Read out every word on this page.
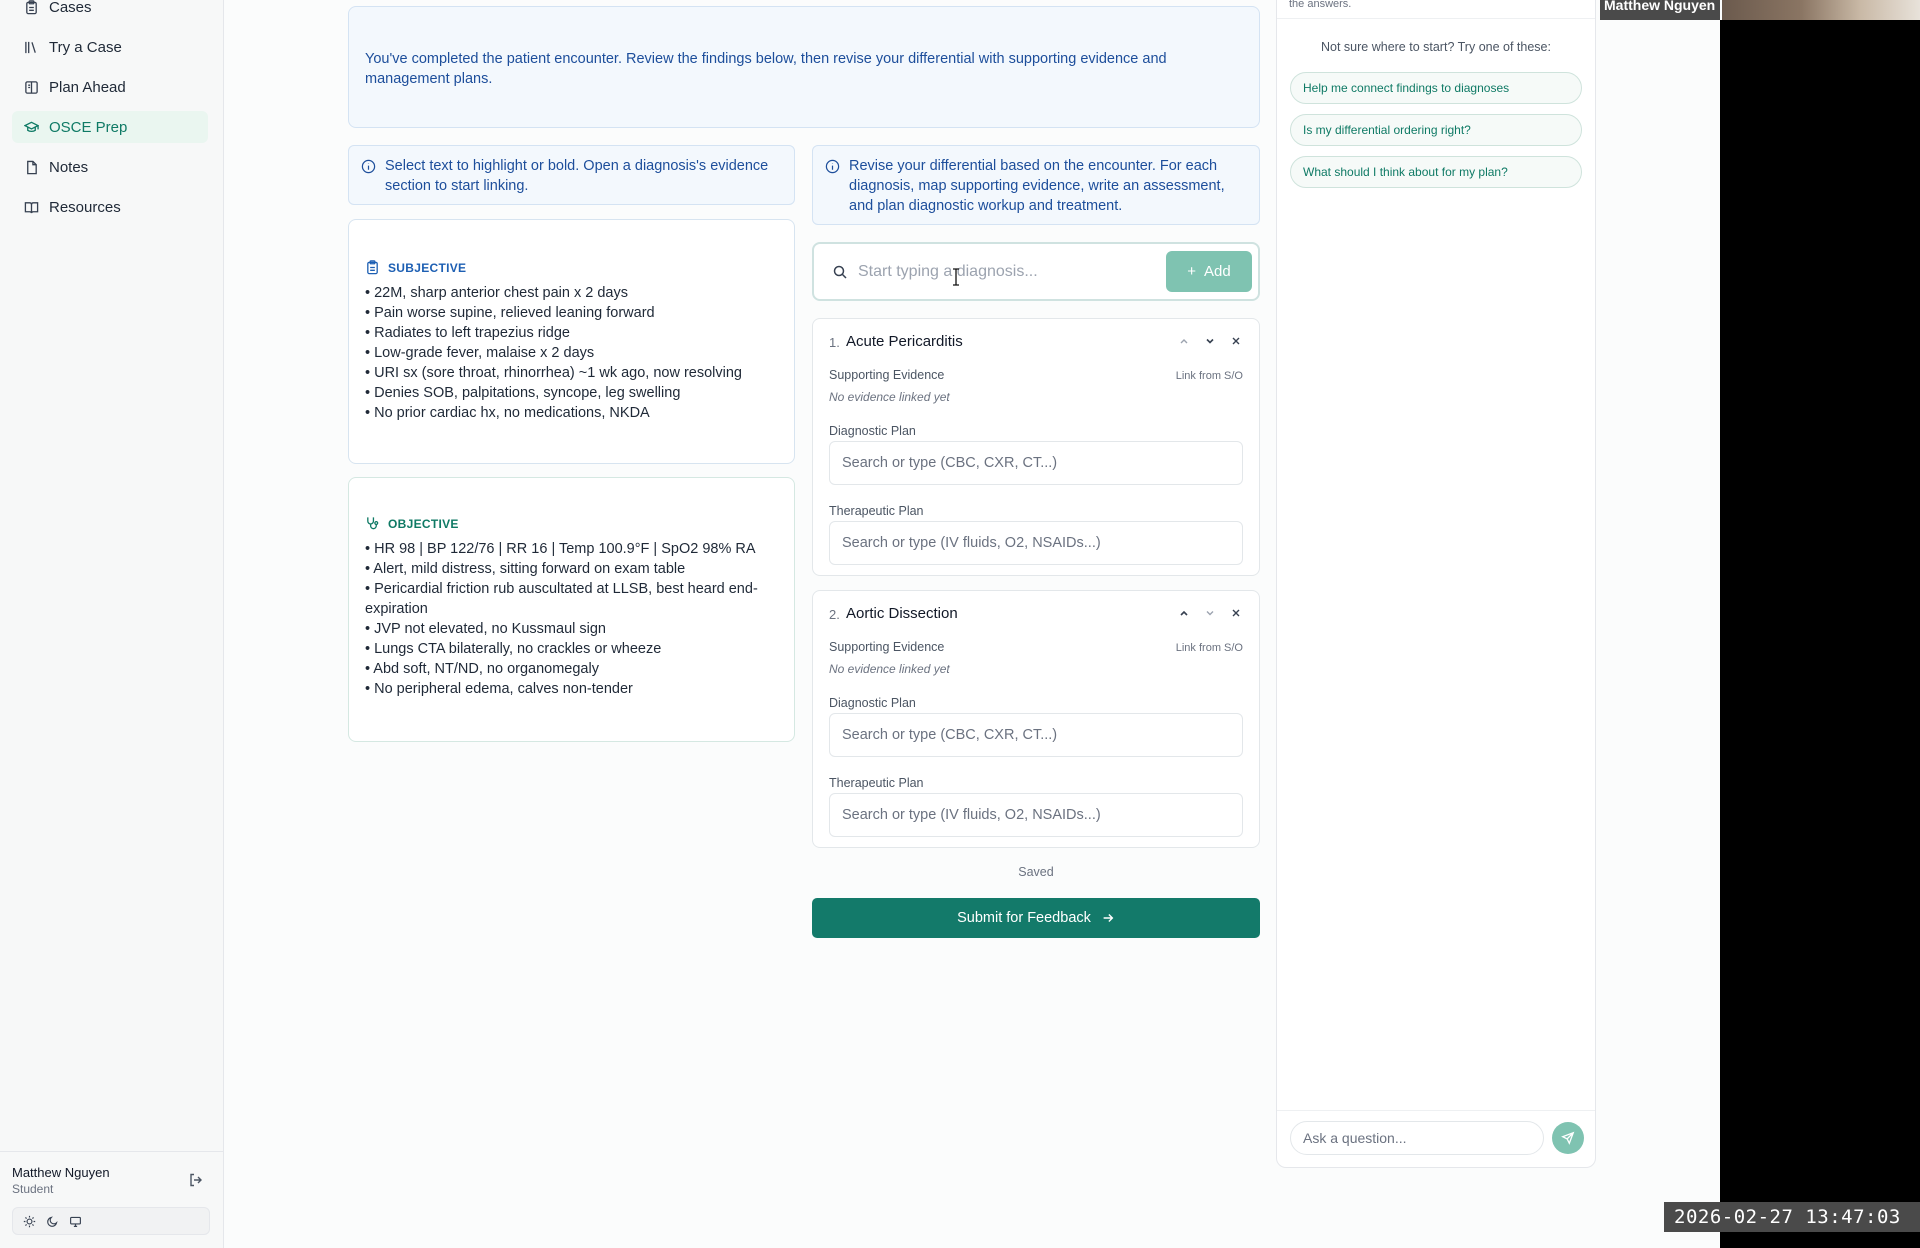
Cases
Try a Case
Plan Ahead
OSCE Prep
Notes
Resources
Matthew Nguyen
Student
You've completed the patient encounter. Review the findings below, then revise your differential with supporting evidence and management plans.
Select text to highlight or bold. Open a diagnosis's evidence section to start linking.
Revise your differential based on the encounter. For each diagnosis, map supporting evidence, write an assessment, and plan diagnostic workup and treatment.
SUBJECTIVE
• 22M, sharp anterior chest pain x 2 days
• Pain worse supine, relieved leaning forward
• Radiates to left trapezius ridge
• Low-grade fever, malaise x 2 days
• URI sx (sore throat, rhinorrhea) ~1 wk ago, now resolving
• Denies SOB, palpitations, syncope, leg swelling
• No prior cardiac hx, no medications, NKDA
OBJECTIVE
• HR 98 | BP 122/76 | RR 16 | Temp 100.9°F | SpO2 98% RA
• Alert, mild distress, sitting forward on exam table
• Pericardial friction rub auscultated at LLSB, best heard end-expiration
• JVP not elevated, no Kussmaul sign
• Lungs CTA bilaterally, no crackles or wheeze
• Abd soft, NT/ND, no organomegaly
• No peripheral edema, calves non-tender
Start typing a diagnosis...
+ Add
1. Acute Pericarditis
Supporting Evidence	Link from S/O
No evidence linked yet
Diagnostic Plan
Search or type (CBC, CXR, CT...)
Therapeutic Plan
Search or type (IV fluids, O2, NSAIDs...)
2. Aortic Dissection
Supporting Evidence	Link from S/O
No evidence linked yet
Diagnostic Plan
Search or type (CBC, CXR, CT...)
Therapeutic Plan
Search or type (IV fluids, O2, NSAIDs...)
Saved
Submit for Feedback
the answers.
Not sure where to start? Try one of these:
Help me connect findings to diagnoses
Is my differential ordering right?
What should I think about for my plan?
Ask a question...
Matthew Nguyen
2026-02-27 13:47:03
